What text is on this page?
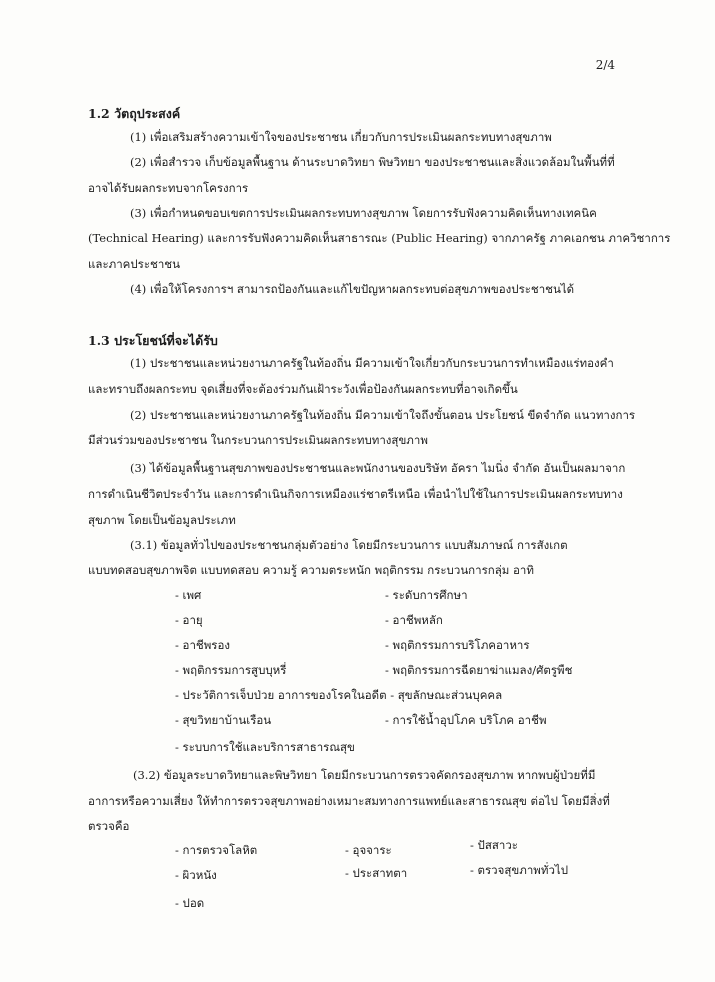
2/4
1.2 วัตถุประสงค์
(1) เพื่อเสริมสร้างความเข้าใจของประชาชน เกี่ยวกับการประเมินผลกระทบทางสุขภาพ
(2) เพื่อสำรวจ เก็บข้อมูลพื้นฐาน ด้านระบาดวิทยา พิษวิทยา ของประชาชนและสิ่งแวดล้อมในพื้นที่ที่
อาจได้รับผลกระทบจากโครงการ
(3) เพื่อกำหนดขอบเขตการประเมินผลกระทบทางสุขภาพ โดยการรับฟังความคิดเห็นทางเทคนิค
(Technical Hearing) และการรับฟังความคิดเห็นสาธารณะ (Public Hearing) จากภาครัฐ ภาคเอกชน ภาควิชาการ
และภาคประชาชน
(4) เพื่อให้โครงการฯ สามารถป้องกันและแก้ไขปัญหาผลกระทบต่อสุขภาพของประชาชนได้
1.3 ประโยชน์ที่จะได้รับ
(1) ประชาชนและหน่วยงานภาครัฐในท้องถิ่น มีความเข้าใจเกี่ยวกับกระบวนการทำเหมืองแร่ทองคำ
และทราบถึงผลกระทบ จุดเสี่ยงที่จะต้องร่วมกันเฝ้าระวังเพื่อป้องกันผลกระทบที่อาจเกิดขึ้น
(2) ประชาชนและหน่วยงานภาครัฐในท้องถิ่น มีความเข้าใจถึงขั้นตอน ประโยชน์ ขีดจำกัด แนวทางการ
มีส่วนร่วมของประชาชน ในกระบวนการประเมินผลกระทบทางสุขภาพ
(3) ได้ข้อมูลพื้นฐานสุขภาพของประชาชนและพนักงานของบริษัท อัครา ไมนิ่ง จำกัด อันเป็นผลมาจาก
การดำเนินชีวิตประจำวัน และการดำเนินกิจการเหมืองแร่ชาตรีเหนือ เพื่อนำไปใช้ในการประเมินผลกระทบทาง
สุขภาพ โดยเป็นข้อมูลประเภท
(3.1) ข้อมูลทั่วไปของประชาชนกลุ่มตัวอย่าง โดยมีกระบวนการ แบบสัมภาษณ์ การสังเกต
แบบทดสอบสุขภาพจิต แบบทดสอบ ความรู้ ความตระหนัก พฤติกรรม กระบวนการกลุ่ม อาทิ
- เพศ	- ระดับการศึกษา
- อายุ	- อาชีพหลัก
- อาชีพรอง	- พฤติกรรมการบริโภคอาหาร
- พฤติกรรมการสูบบุหรี่	- พฤติกรรมการฉีดยาฆ่าแมลง/ศัตรูพืช
- ประวัติการเจ็บป่วย อาการของโรคในอดีต - สุขลักษณะส่วนบุคคล
- สุขวิทยาบ้านเรือน	- การใช้น้ำอุปโภค บริโภค อาชีพ
- ระบบการใช้และบริการสาธารณสุข
(3.2) ข้อมูลระบาดวิทยาและพิษวิทยา โดยมีกระบวนการตรวจคัดกรองสุขภาพ หากพบผู้ป่วยที่มี
อาการหรือความเสี่ยง ให้ทำการตรวจสุขภาพอย่างเหมาะสมทางการแพทย์และสาธารณสุข ต่อไป โดยมีสิ่งที่
ตรวจคือ
- การตรวจโลหิต	- อุจจาระ	- ปัสสาวะ
- ผิวหนัง	- ประสาทตา	- ตรวจสุขภาพทั่วไป
- ปอด
